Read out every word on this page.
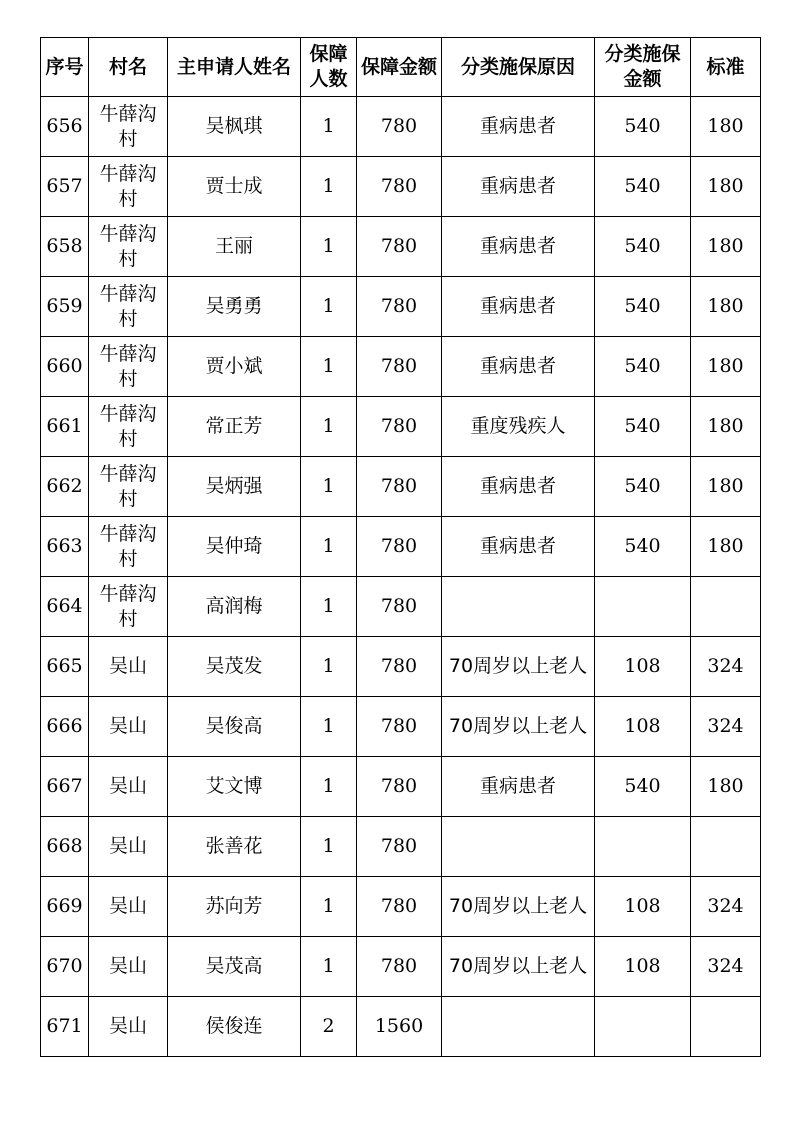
序号	村名	主申请人姓名	保障人数	保障金额	分类施保原因	分类施保金额	标准
656	牛薛沟村	吴枫琪	1	780	重病患者	540	180
657	牛薛沟村	贾士成	1	780	重病患者	540	180
658	牛薛沟村	王丽	1	780	重病患者	540	180
659	牛薛沟村	吴勇勇	1	780	重病患者	540	180
660	牛薛沟村	贾小斌	1	780	重病患者	540	180
661	牛薛沟村	常正芳	1	780	重度残疾人	540	180
662	牛薛沟村	吴炳强	1	780	重病患者	540	180
663	牛薛沟村	吴仲琦	1	780	重病患者	540	180
664	牛薛沟村	高润梅	1	780			
665	吴山	吴茂发	1	780	70周岁以上老人	108	324
666	吴山	吴俊高	1	780	70周岁以上老人	108	324
667	吴山	艾文博	1	780	重病患者	540	180
668	吴山	张善花	1	780			
669	吴山	苏向芳	1	780	70周岁以上老人	108	324
670	吴山	吴茂高	1	780	70周岁以上老人	108	324
671	吴山	侯俊连	2	1560			
